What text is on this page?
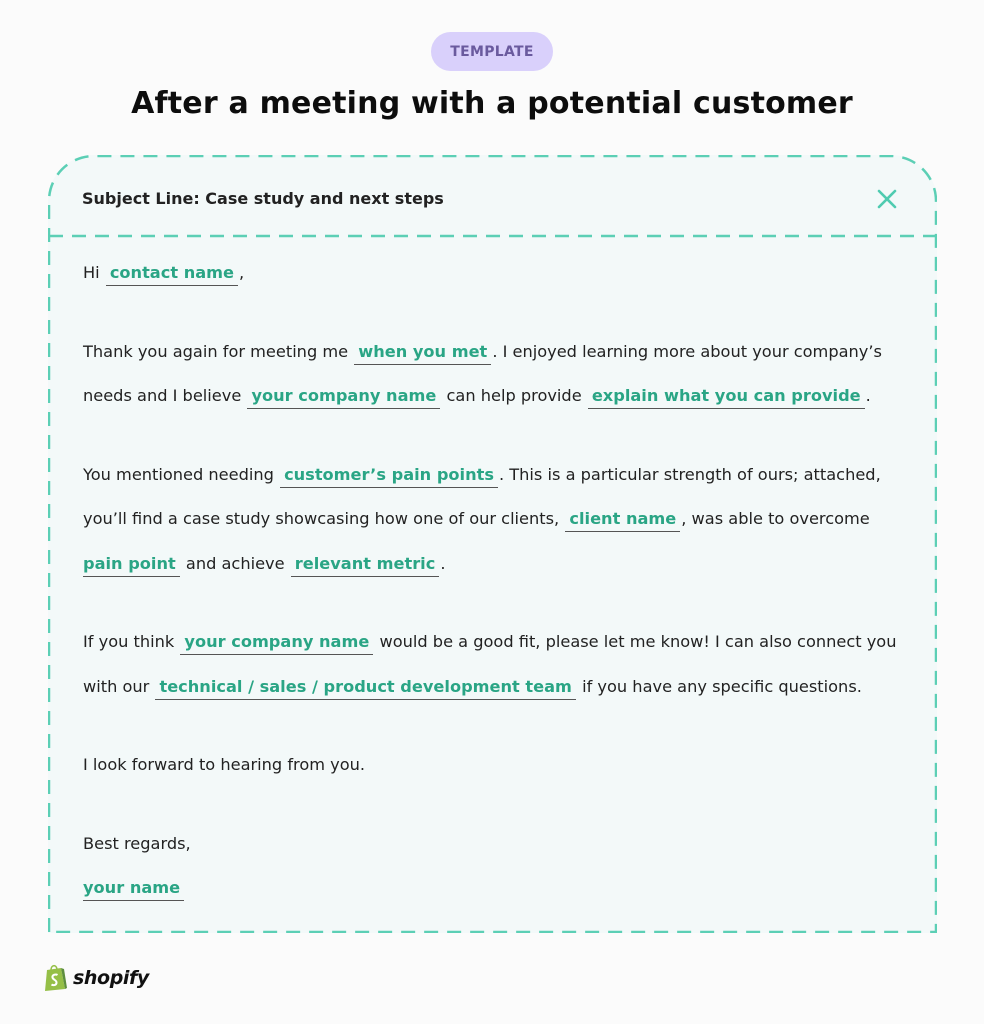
TEMPLATE
After a meeting with a potential customer
Subject Line: Case study and next steps

Hi contact name ,

Thank you again for meeting me when you met . I enjoyed learning more about your company’s needs and I believe your company name can help provide explain what you can provide .

You mentioned needing customer’s pain points . This is a particular strength of ours; attached, you’ll find a case study showcasing how one of our clients, client name , was able to overcome pain point and achieve relevant metric .

If you think your company name would be a good fit, please let me know! I can also connect you with our technical / sales / product development team if you have any specific questions.

I look forward to hearing from you.

Best regards,
your name
shopify
